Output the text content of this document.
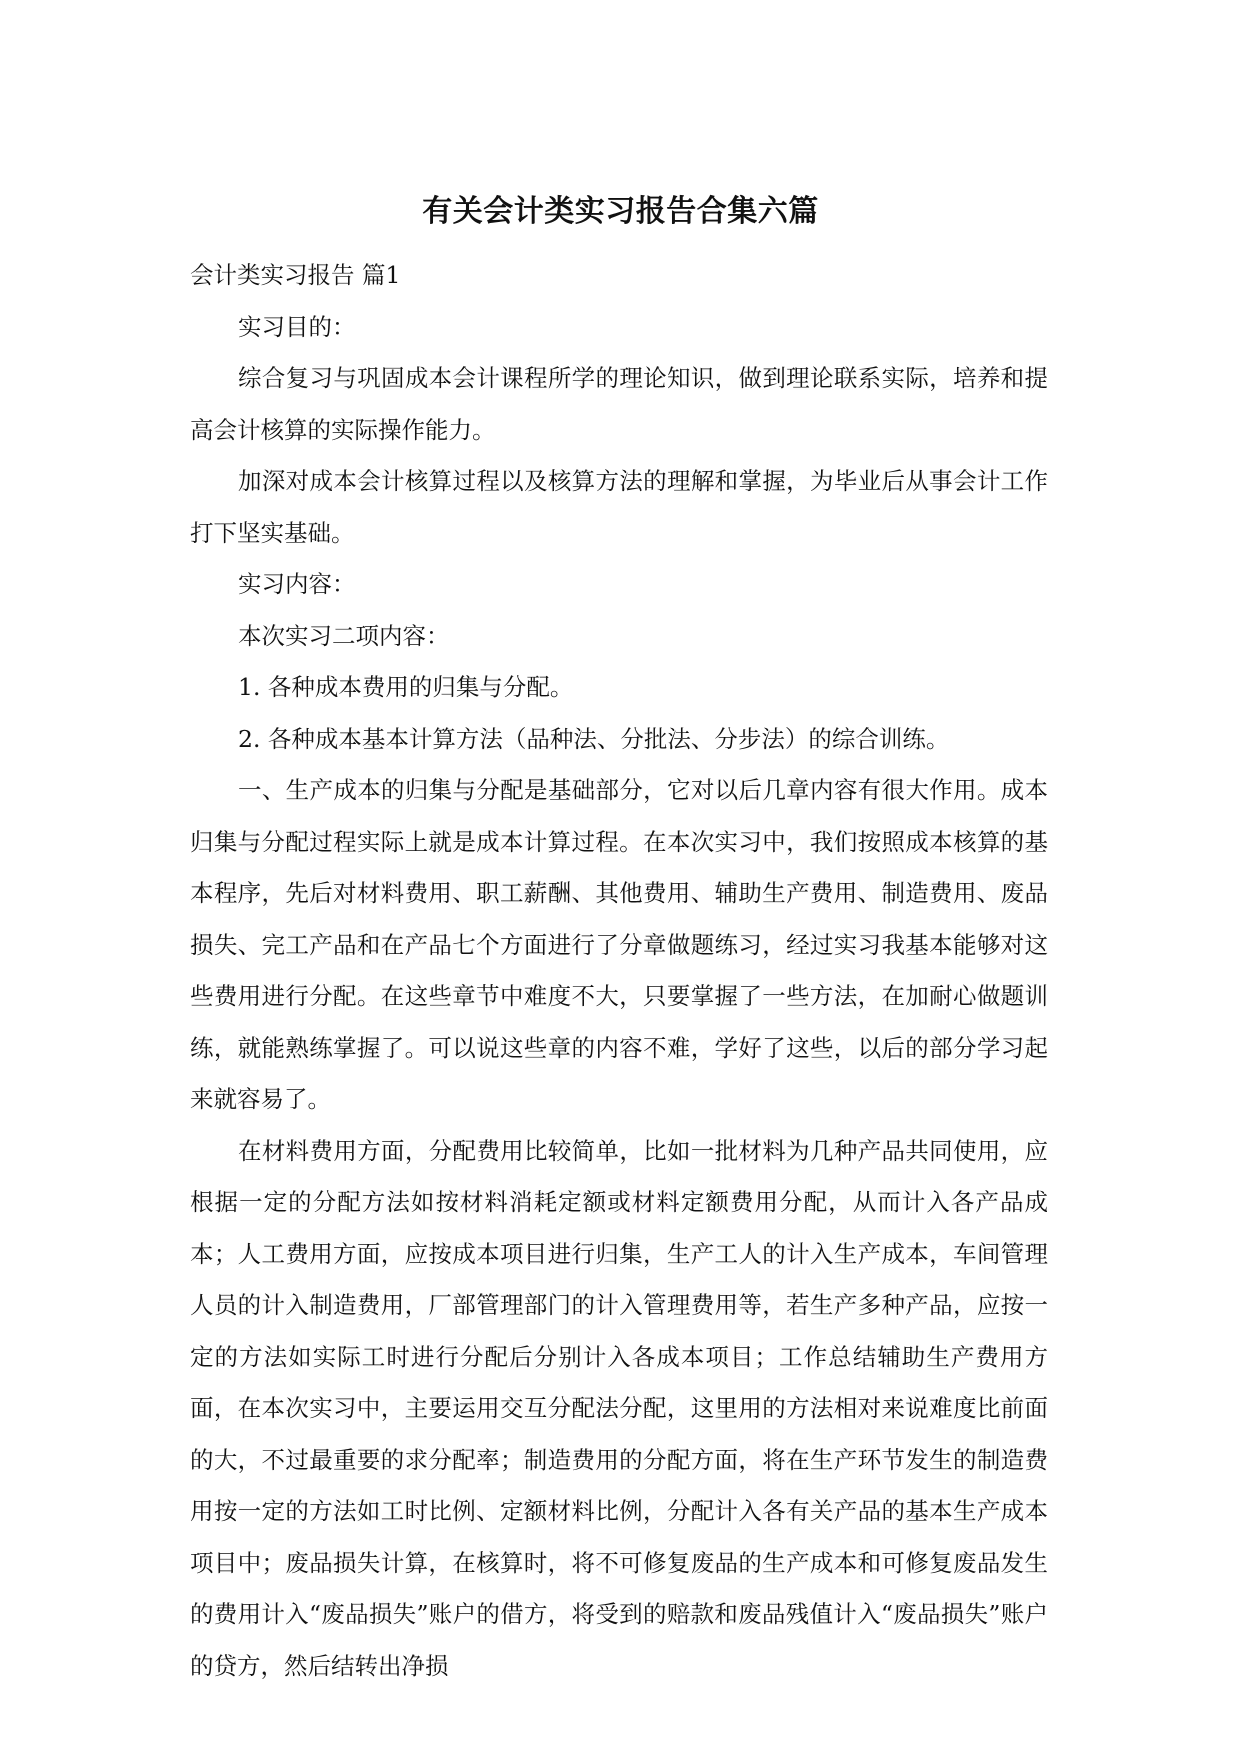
有关会计类实习报告合集六篇

会计类实习报告 篇1

实习目的：

综合复习与巩固成本会计课程所学的理论知识，做到理论联系实际，培养和提高会计核算的实际操作能力。

加深对成本会计核算过程以及核算方法的理解和掌握，为毕业后从事会计工作打下坚实基础。

实习内容：

本次实习二项内容：

1. 各种成本费用的归集与分配。

2. 各种成本基本计算方法（品种法、分批法、分步法）的综合训练。

一、生产成本的归集与分配是基础部分，它对以后几章内容有很大作用。成本归集与分配过程实际上就是成本计算过程。在本次实习中，我们按照成本核算的基本程序，先后对材料费用、职工薪酬、其他费用、辅助生产费用、制造费用、废品损失、完工产品和在产品七个方面进行了分章做题练习，经过实习我基本能够对这些费用进行分配。在这些章节中难度不大，只要掌握了一些方法，在加耐心做题训练，就能熟练掌握了。可以说这些章的内容不难，学好了这些，以后的部分学习起来就容易了。

在材料费用方面，分配费用比较简单，比如一批材料为几种产品共同使用，应根据一定的分配方法如按材料消耗定额或材料定额费用分配，从而计入各产品成本；人工费用方面，应按成本项目进行归集，生产工人的计入生产成本，车间管理人员的计入制造费用，厂部管理部门的计入管理费用等，若生产多种产品，应按一定的方法如实际工时进行分配后分别计入各成本项目；工作总结辅助生产费用方面，在本次实习中，主要运用交互分配法分配，这里用的方法相对来说难度比前面的大，不过最重要的求分配率；制造费用的分配方面，将在生产环节发生的制造费用按一定的方法如工时比例、定额材料比例，分配计入各有关产品的基本生产成本项目中；废品损失计算，在核算时，将不可修复废品的生产成本和可修复废品发生的费用计入“废品损失”账户的借方，将受到的赔款和废品残值计入“废品损失”账户的贷方，然后结转出净损
